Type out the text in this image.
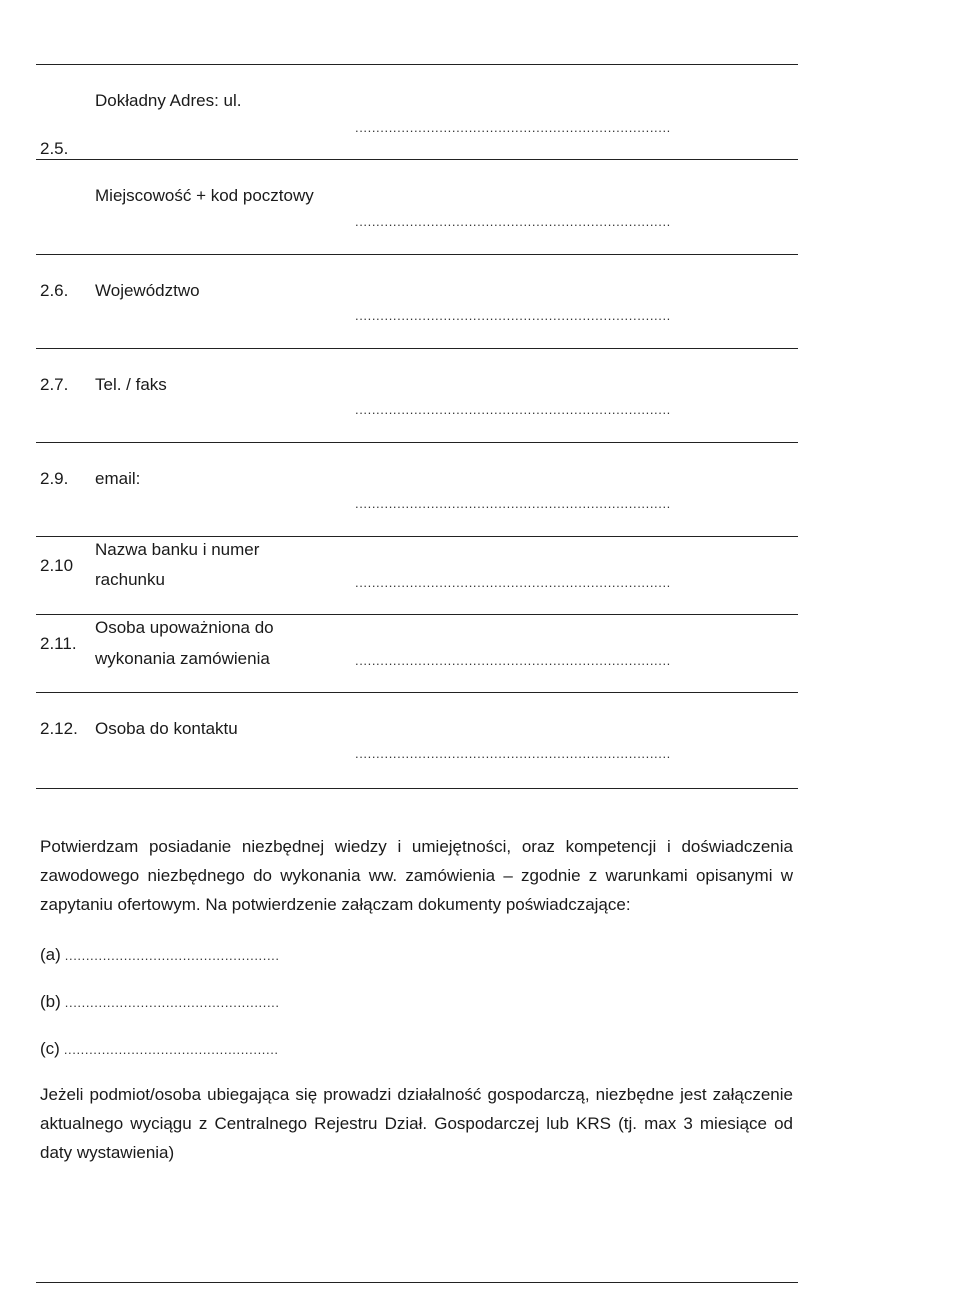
Dokładny Adres: ul.
...........................................................................
2.5.
Miejscowość + kod pocztowy
...........................................................................
2.6. Województwo
...........................................................................
2.7. Tel. / faks
...........................................................................
2.9. email:
...........................................................................
Nazwa banku i numer
2.10
rachunku	...........................................................................
Osoba upoważniona do
2.11.
wykonania zamówienia	...........................................................................
2.12. Osoba do kontaktu
...........................................................................
Potwierdzam posiadanie niezbędnej wiedzy i umiejętności, oraz kompetencji i doświadczenia zawodowego niezbędnego do wykonania ww. zamówienia – zgodnie z warunkami opisanymi w zapytaniu ofertowym. Na potwierdzenie załączam dokumenty poświadczające:
(a) ...................................................
(b) ...................................................
(c) ...................................................
Jeżeli podmiot/osoba ubiegająca się prowadzi działalność gospodarczą, niezbędne jest załączenie aktualnego wyciągu z Centralnego Rejestru Dział. Gospodarczej lub KRS (tj. max 3 miesiące od daty wystawienia)
